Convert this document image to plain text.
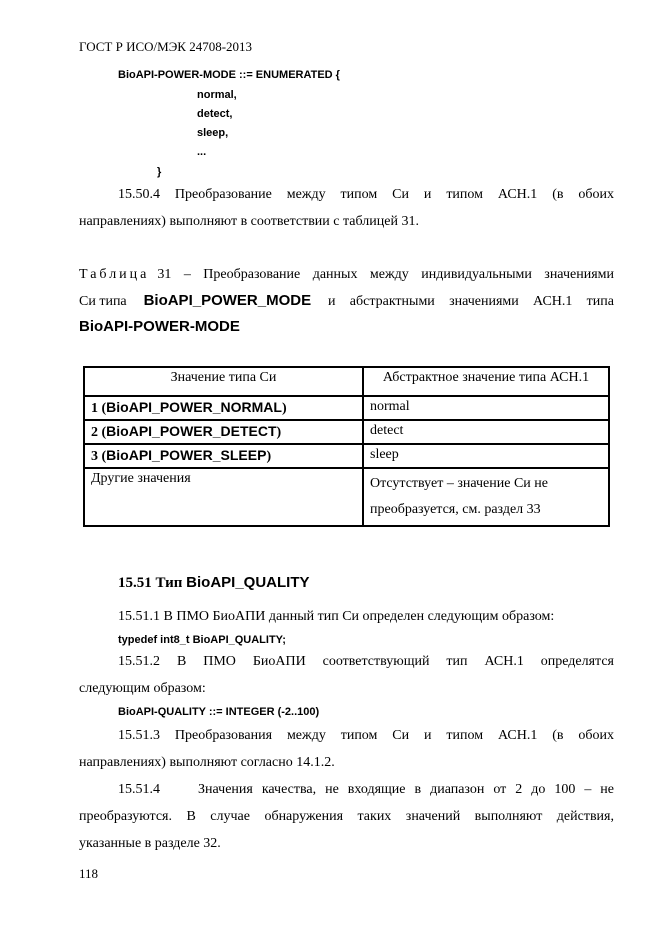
ГОСТ Р ИСО/МЭК 24708-2013
BioAPI-POWER-MODE ::= ENUMERATED {
normal,
detect,
sleep,
...
}
15.50.4 Преобразование между типом Си и типом АСН.1 (в обоих
направлениях) выполняют в соответствии с таблицей 31.
Таблица 31 – Преобразование данных между индивидуальными значениями
Си типа BioAPI_POWER_MODE и абстрактными значениями АСН.1 типа
BioAPI-POWER-MODE
Значение типа Си	Абстрактное значение типа АСН.1
1 (BioAPI_POWER_NORMAL)	normal
2 (BioAPI_POWER_DETECT)	detect
3 (BioAPI_POWER_SLEEP)	sleep
Другие значения	Отсутствует – значение Си не
преобразуется, см. раздел 33
15.51 Тип BioAPI_QUALITY
15.51.1 В ПМО БиоАПИ данный тип Си определен следующим образом:
typedef int8_t BioAPI_QUALITY;
15.51.2 В ПМО БиоАПИ соответствующий тип АСН.1 определятся
следующим образом:
BioAPI-QUALITY ::= INTEGER (-2..100)
15.51.3 Преобразования между типом Си и типом АСН.1 (в обоих
направлениях) выполняют согласно 14.1.2.
15.51.4	Значения качества, не входящие в диапазон от 2 до 100 – не
преобразуются. В случае обнаружения таких значений выполняют действия,
указанные в разделе 32.
118
